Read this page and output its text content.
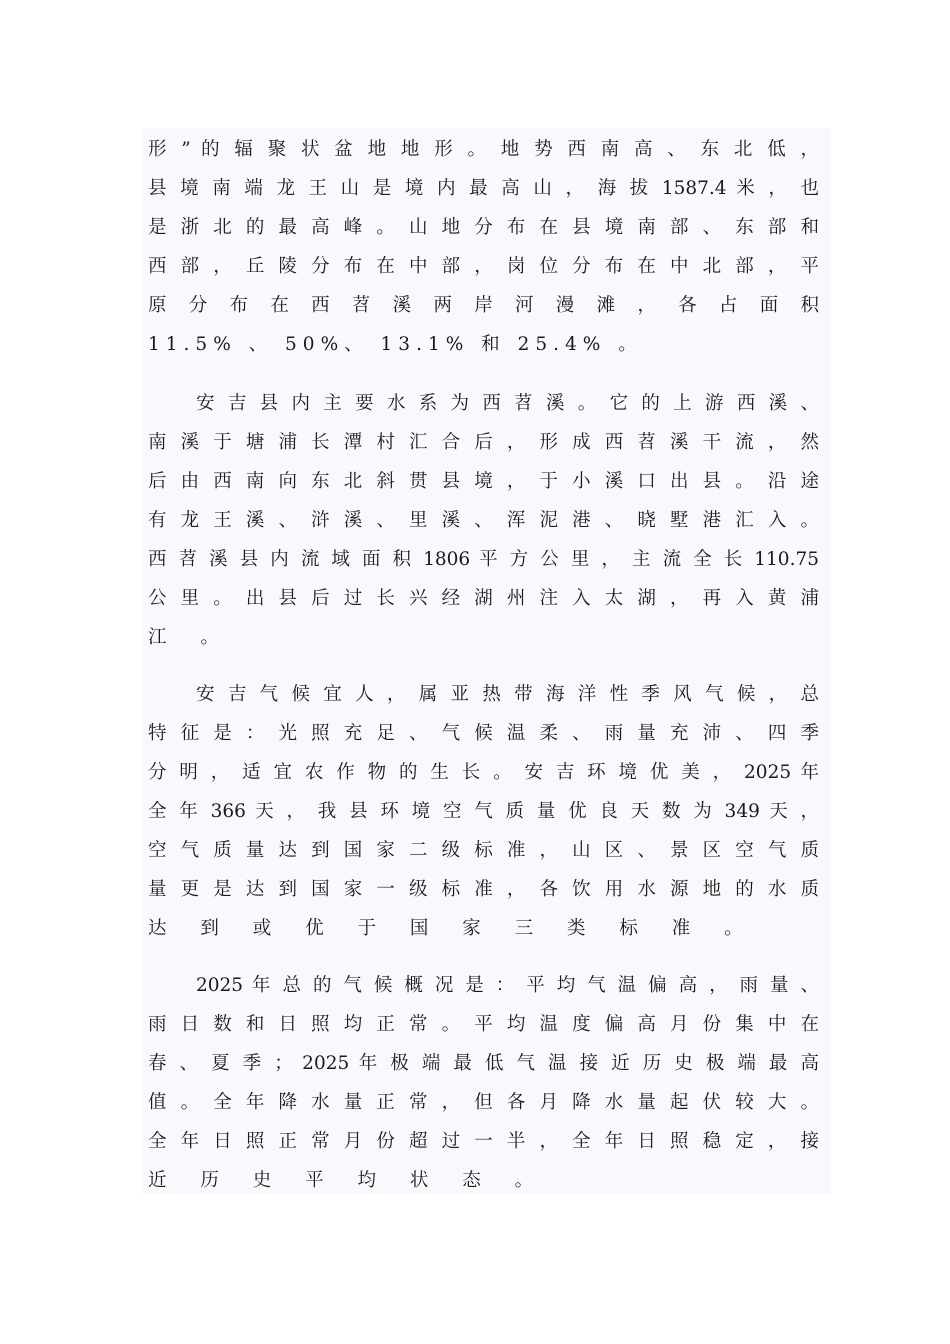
形 ” 的 辐 聚 状 盆 地 地 形 。 地 势 西 南 高 、 东 北 低 ，
县 境 南 端 龙 王 山 是 境 内 最 高 山 ， 海 拔 1587.4 米 ， 也
是 浙 北 的 最 高 峰 。 山 地 分 布 在 县 境 南 部 、 东 部 和
西 部 ， 丘 陵 分 布 在 中 部 ， 岗 位 分 布 在 中 北 部 ， 平
原 分 布 在 西 苕 溪 两 岸 河 漫 滩 ， 各 占 面 积
11.5% 、 50%、 13.1% 和 25.4% 。
安 吉 县 内 主 要 水 系 为 西 苕 溪 。 它 的 上 游 西 溪 、
南 溪 于 塘 浦 长 潭 村 汇 合 后 ， 形 成 西 苕 溪 干 流 ， 然
后 由 西 南 向 东 北 斜 贯 县 境 ， 于 小 溪 口 出 县 。 沿 途
有 龙 王 溪 、 浒 溪 、 里 溪 、 浑 泥 港 、 晓 墅 港 汇 入 。
西 苕 溪 县 内 流 域 面 积 1806 平 方 公 里 ， 主 流 全 长 110.75
公 里 。 出 县 后 过 长 兴 经 湖 州 注 入 太 湖 ， 再 入 黄 浦
江 。
安 吉 气 候 宜 人 ， 属 亚 热 带 海 洋 性 季 风 气 候 ， 总
特 征 是 ： 光 照 充 足 、 气 候 温 柔 、 雨 量 充 沛 、 四 季
分 明 ， 适 宜 农 作 物 的 生 长 。 安 吉 环 境 优 美 ， 2025 年
全 年 366 天 ， 我 县 环 境 空 气 质 量 优 良 天 数 为 349 天 ，
空 气 质 量 达 到 国 家 二 级 标 准 ， 山 区 、 景 区 空 气 质
量 更 是 达 到 国 家 一 级 标 准 ， 各 饮 用 水 源 地 的 水 质
达 到 或 优 于 国 家 三 类 标 准 。
2025 年 总 的 气 候 概 况 是 ： 平 均 气 温 偏 高 ， 雨 量 、
雨 日 数 和 日 照 均 正 常 。 平 均 温 度 偏 高 月 份 集 中 在
春 、 夏 季 ； 2025 年 极 端 最 低 气 温 接 近 历 史 极 端 最 高
值 。 全 年 降 水 量 正 常 ， 但 各 月 降 水 量 起 伏 较 大 。
全 年 日 照 正 常 月 份 超 过 一 半 ， 全 年 日 照 稳 定 ， 接
近 历 史 平 均 状 态 。
